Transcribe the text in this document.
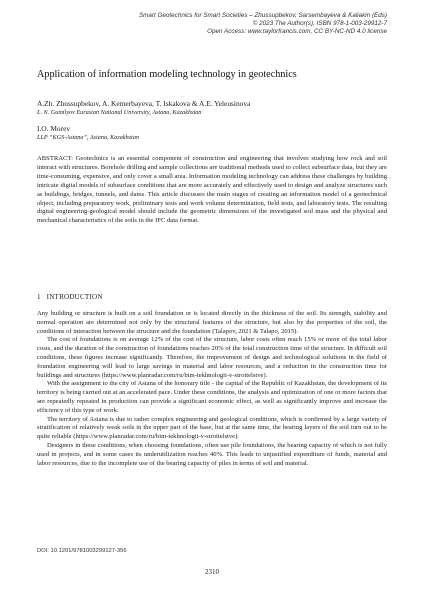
Smart Geotechnics for Smart Societies – Zhussupbekov, Sarsembayeva & Kaliakin (Eds)
© 2023 The Author(s), ISBN 978-1-003-29912-7
Open Access: www.taylorfrancis.com, CC BY-NC-ND 4.0 license
Application of information modeling technology in geotechnics
A.Zh. Zhussupbekov, A. Kemerbayeva, T. Iskakova & A.E. Yeleusinova
L. N. Gumilyov Eurasian National University, Astana, Kazakhstan
I.O. Morev
LLP “KGS-Astana”, Astana, Kazakhstan

ABSTRACT: Geotechnics is an essential component of construction and engineering that involves studying how rock and soil interact with structures. Borehole drilling and sample collections are traditional methods used to collect subsurface data, but they are time-consuming, expensive, and only cover a small area. Information modeling technology can address these challenges by building intricate digital models of subsurface conditions that are more accurately and effectively used to design and analyze structures such as buildings, bridges, tunnels, and dams. This article discusses the main stages of creating an information model of a geotechnical object, including preparatory work, preliminary tests and work volume determination, field tests, and laboratory tests. The resulting digital engineering-geological model should include the geometric dimensions of the investigated soil mass and the physical and mechanical characteristics of the soils in the IFC data format.

1 INTRODUCTION

Any building or structure is built on a soil foundation or is located directly in the thickness of the soil. Its strength, stability and normal operation are determined not only by the structural features of the structure, but also by the properties of the soil, the conditions of interaction between the structure and the foundation (Talapov, 2021 & Talapo, 2015).

The cost of foundations is on average 12% of the cost of the structure, labor costs often reach 15% or more of the total labor costs, and the duration of the construction of foundations reaches 20% of the total construction time of the structure. In difficult soil conditions, these figures increase significantly. Therefore, the improvement of design and technological solutions in the field of foundation engineering will lead to large savings in material and labor resources, and a reduction in the construction time for buildings and structures (https://www.planradar.com/ru/bim-tekhnologii-v-stroitelstve).

With the assignment to the city of Astana of the honorary title - the capital of the Republic of Kazakhstan, the development of its territory is being carried out at an accelerated pace. Under these conditions, the analysis and optimization of one or more factors that are repeatedly repeated in production can provide a significant economic effect, as well as significantly improve and increase the efficiency of this type of work.

The territory of Astana is due to rather complex engineering and geological conditions, which is confirmed by a large variety of stratification of relatively weak soils in the upper part of the base, but at the same time, the bearing layers of the soil turn out to be quite reliable (https://www.planradar.com/ru/bim-tekhnologii-v-stroitelstve).

Designers in these conditions, when choosing foundations, often use pile foundations, the bearing capacity of which is not fully used in projects, and in some cases its underutilization reaches 40%. This leads to unjustified expenditure of funds, material and labor resources, due to the incomplete use of the bearing capacity of piles in terms of soil and material.

DOI: 10.1201/9781003299127-356
2310
